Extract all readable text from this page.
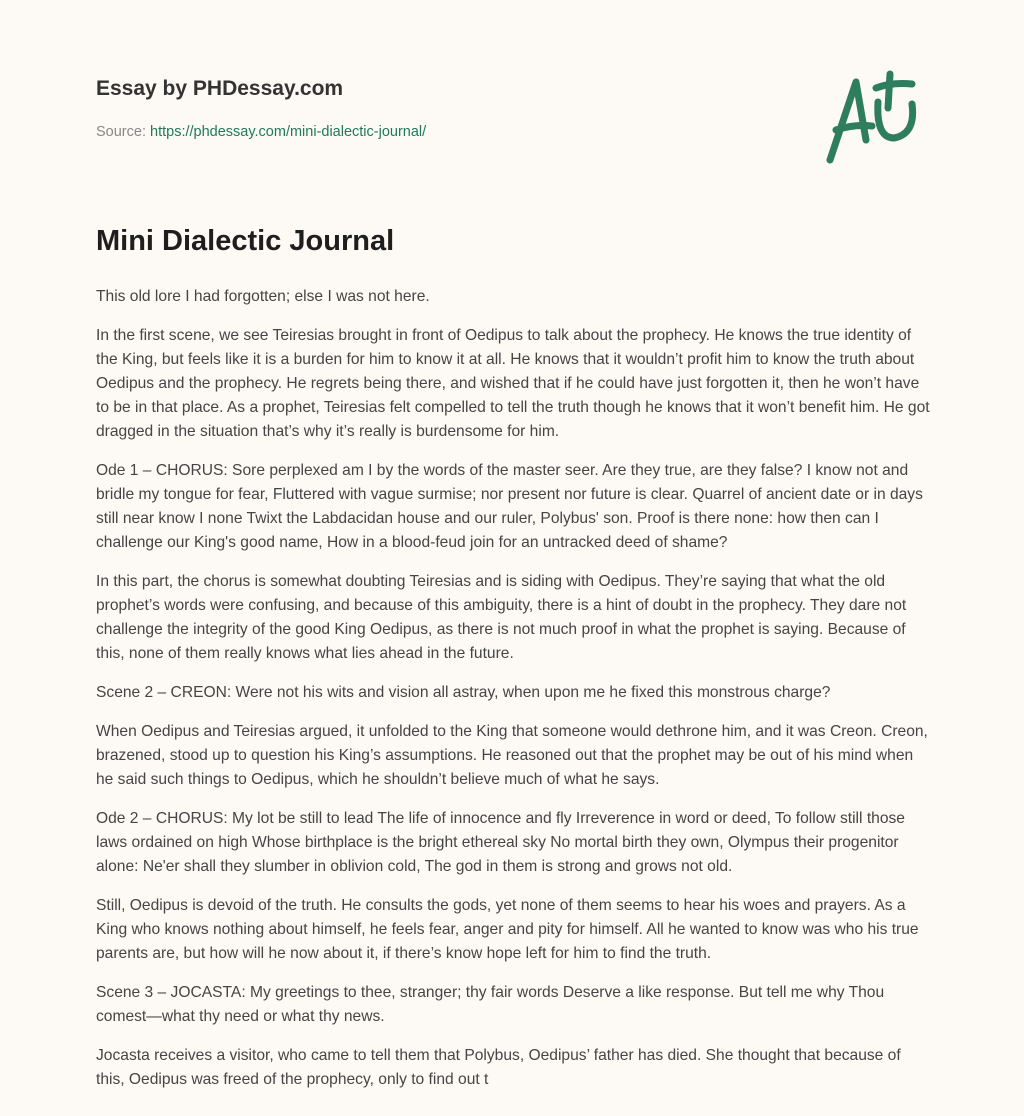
Essay by PHDessay.com
Source: https://phdessay.com/mini-dialectic-journal/
Mini Dialectic Journal

This old lore I had forgotten; else I was not here.

In the first scene, we see Teiresias brought in front of Oedipus to talk about the prophecy. He knows the true identity of the King, but feels like it is a burden for him to know it at all. He knows that it wouldn’t profit him to know the truth about Oedipus and the prophecy. He regrets being there, and wished that if he could have just forgotten it, then he won’t have to be in that place. As a prophet, Teiresias felt compelled to tell the truth though he knows that it won’t benefit him. He got dragged in the situation that’s why it’s really is burdensome for him.

Ode 1 – CHORUS: Sore perplexed am I by the words of the master seer. Are they true, are they false? I know not and bridle my tongue for fear, Fluttered with vague surmise; nor present nor future is clear. Quarrel of ancient date or in days still near know I none Twixt the Labdacidan house and our ruler, Polybus' son. Proof is there none: how then can I challenge our King's good name, How in a blood-feud join for an untracked deed of shame?

In this part, the chorus is somewhat doubting Teiresias and is siding with Oedipus. They’re saying that what the old prophet’s words were confusing, and because of this ambiguity, there is a hint of doubt in the prophecy. They dare not challenge the integrity of the good King Oedipus, as there is not much proof in what the prophet is saying. Because of this, none of them really knows what lies ahead in the future.

Scene 2 – CREON: Were not his wits and vision all astray, when upon me he fixed this monstrous charge?

When Oedipus and Teiresias argued, it unfolded to the King that someone would dethrone him, and it was Creon. Creon, brazened, stood up to question his King’s assumptions. He reasoned out that the prophet may be out of his mind when he said such things to Oedipus, which he shouldn’t believe much of what he says.

Ode 2 – CHORUS: My lot be still to lead The life of innocence and fly Irreverence in word or deed, To follow still those laws ordained on high Whose birthplace is the bright ethereal sky No mortal birth they own, Olympus their progenitor alone: Ne'er shall they slumber in oblivion cold, The god in them is strong and grows not old.

Still, Oedipus is devoid of the truth. He consults the gods, yet none of them seems to hear his woes and prayers. As a King who knows nothing about himself, he feels fear, anger and pity for himself. All he wanted to know was who his true parents are, but how will he now about it, if there’s know hope left for him to find the truth.

Scene 3 – JOCASTA: My greetings to thee, stranger; thy fair words Deserve a like response. But tell me why Thou comest—what thy need or what thy news.

Jocasta receives a visitor, who came to tell them that Polybus, Oedipus’ father has died. She thought that because of this, Oedipus was freed of the prophecy, only to find out t
